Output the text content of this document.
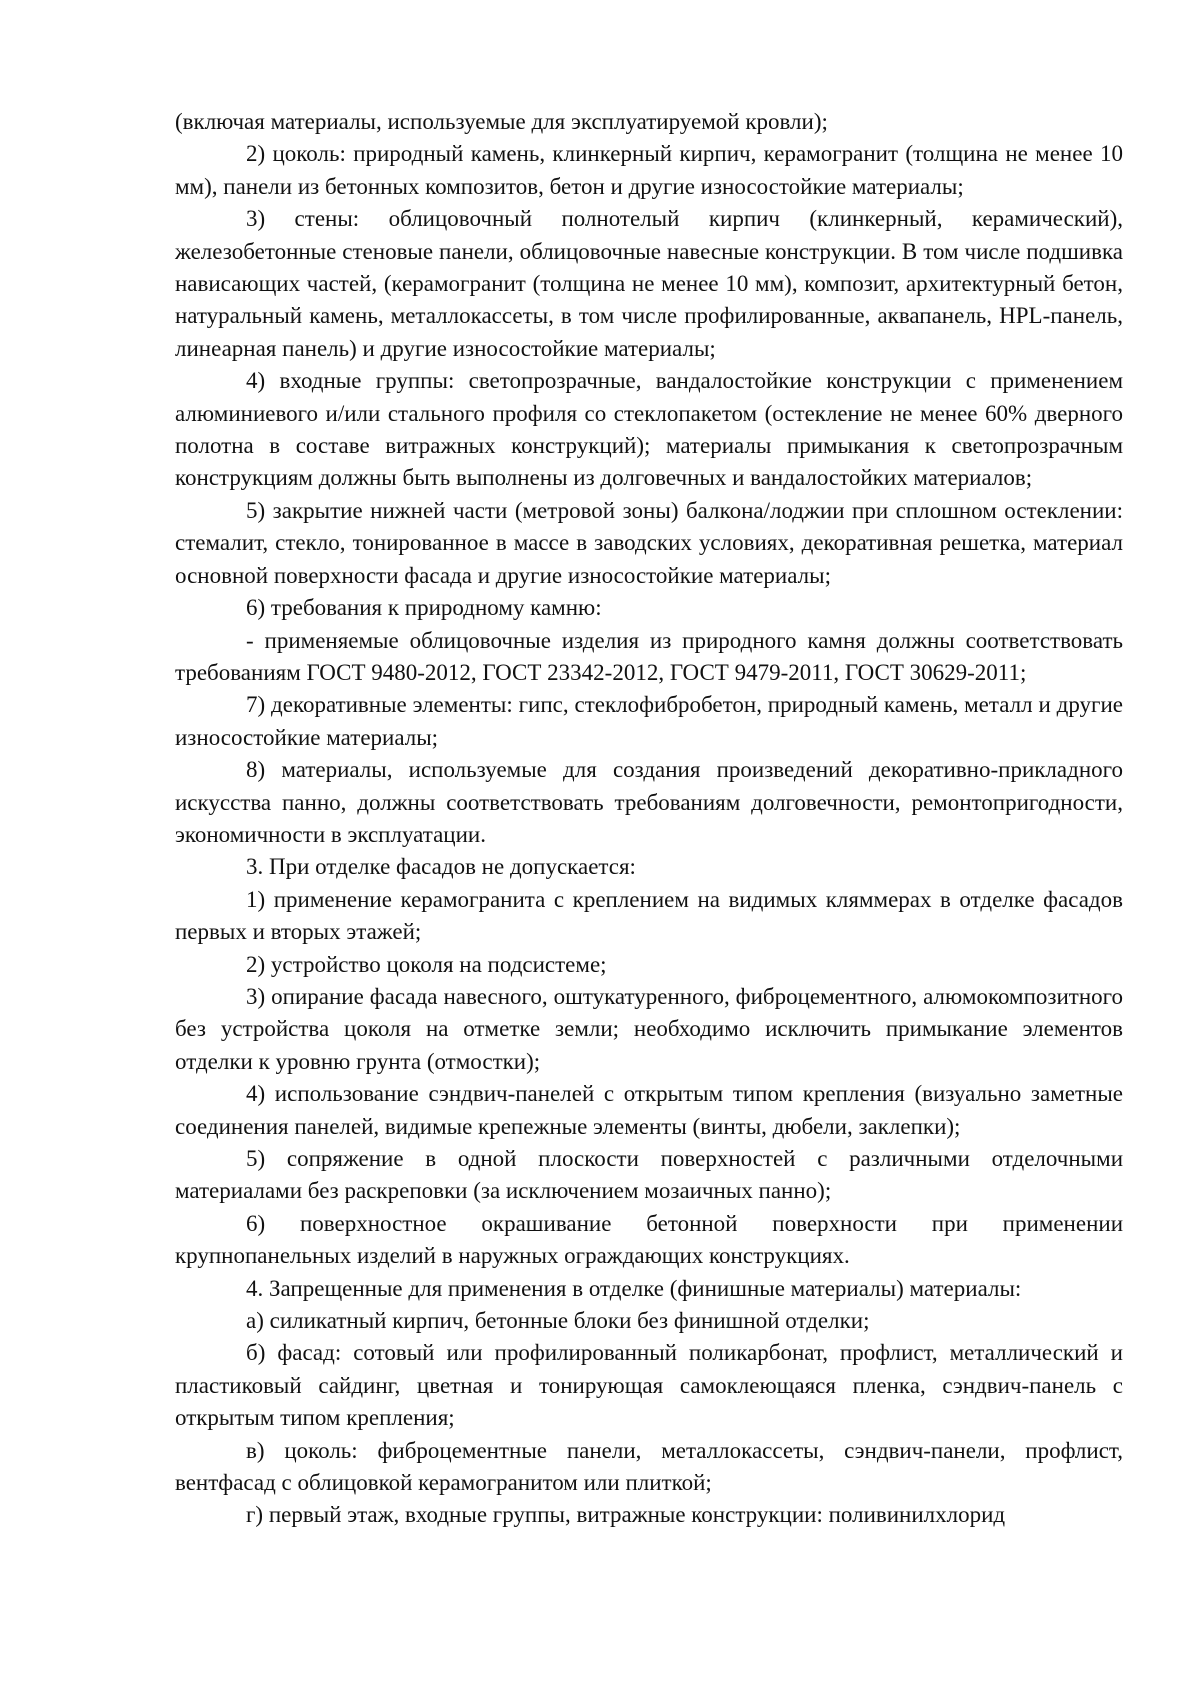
(включая материалы, используемые для эксплуатируемой кровли);

2) цоколь: природный камень, клинкерный кирпич, керамогранит (толщина не менее 10 мм), панели из бетонных композитов, бетон и другие износостойкие материалы;

3) стены: облицовочный полнотелый кирпич (клинкерный, керамический), железобетонные стеновые панели, облицовочные навесные конструкции. В том числе подшивка нависающих частей, (керамогранит (толщина не менее 10 мм), композит, архитектурный бетон, натуральный камень, металлокассеты, в том числе профилированные, аквапанель, HPL-панель, линеарная панель) и другие износостойкие материалы;

4) входные группы: светопрозрачные, вандалостойкие конструкции с применением алюминиевого и/или стального профиля со стеклопакетом (остекление не менее 60% дверного полотна в составе витражных конструкций); материалы примыкания к светопрозрачным конструкциям должны быть выполнены из долговечных и вандалостойких материалов;

5) закрытие нижней части (метровой зоны) балкона/лоджии при сплошном остеклении: стемалит, стекло, тонированное в массе в заводских условиях, декоративная решетка, материал основной поверхности фасада и другие износостойкие материалы;

6) требования к природному камню:

- применяемые облицовочные изделия из природного камня должны соответствовать требованиям ГОСТ 9480-2012, ГОСТ 23342-2012, ГОСТ 9479-2011, ГОСТ 30629-2011;

7) декоративные элементы: гипс, стеклофибробетон, природный камень, металл и другие износостойкие материалы;

8) материалы, используемые для создания произведений декоративно-прикладного искусства панно, должны соответствовать требованиям долговечности, ремонтопригодности, экономичности в эксплуатации.

3. При отделке фасадов не допускается:

1) применение керамогранита с креплением на видимых кляммерах в отделке фасадов первых и вторых этажей;

2) устройство цоколя на подсистеме;

3) опирание фасада навесного, оштукатуренного, фиброцементного, алюмокомпозитного без устройства цоколя на отметке земли; необходимо исключить примыкание элементов отделки к уровню грунта (отмостки);

4) использование сэндвич-панелей с открытым типом крепления (визуально заметные соединения панелей, видимые крепежные элементы (винты, дюбели, заклепки);

5) сопряжение в одной плоскости поверхностей с различными отделочными материалами без раскреповки (за исключением мозаичных панно);

6) поверхностное окрашивание бетонной поверхности при применении крупнопанельных изделий в наружных ограждающих конструкциях.

4. Запрещенные для применения в отделке (финишные материалы) материалы:

а) силикатный кирпич, бетонные блоки без финишной отделки;

б) фасад: сотовый или профилированный поликарбонат, профлист, металлический и пластиковый сайдинг, цветная и тонирующая самоклеющаяся пленка, сэндвич-панель с открытым типом крепления;

в) цоколь: фиброцементные панели, металлокассеты, сэндвич-панели, профлист, вентфасад с облицовкой керамогранитом или плиткой;

г) первый этаж, входные группы, витражные конструкции: поливинилхлорид
